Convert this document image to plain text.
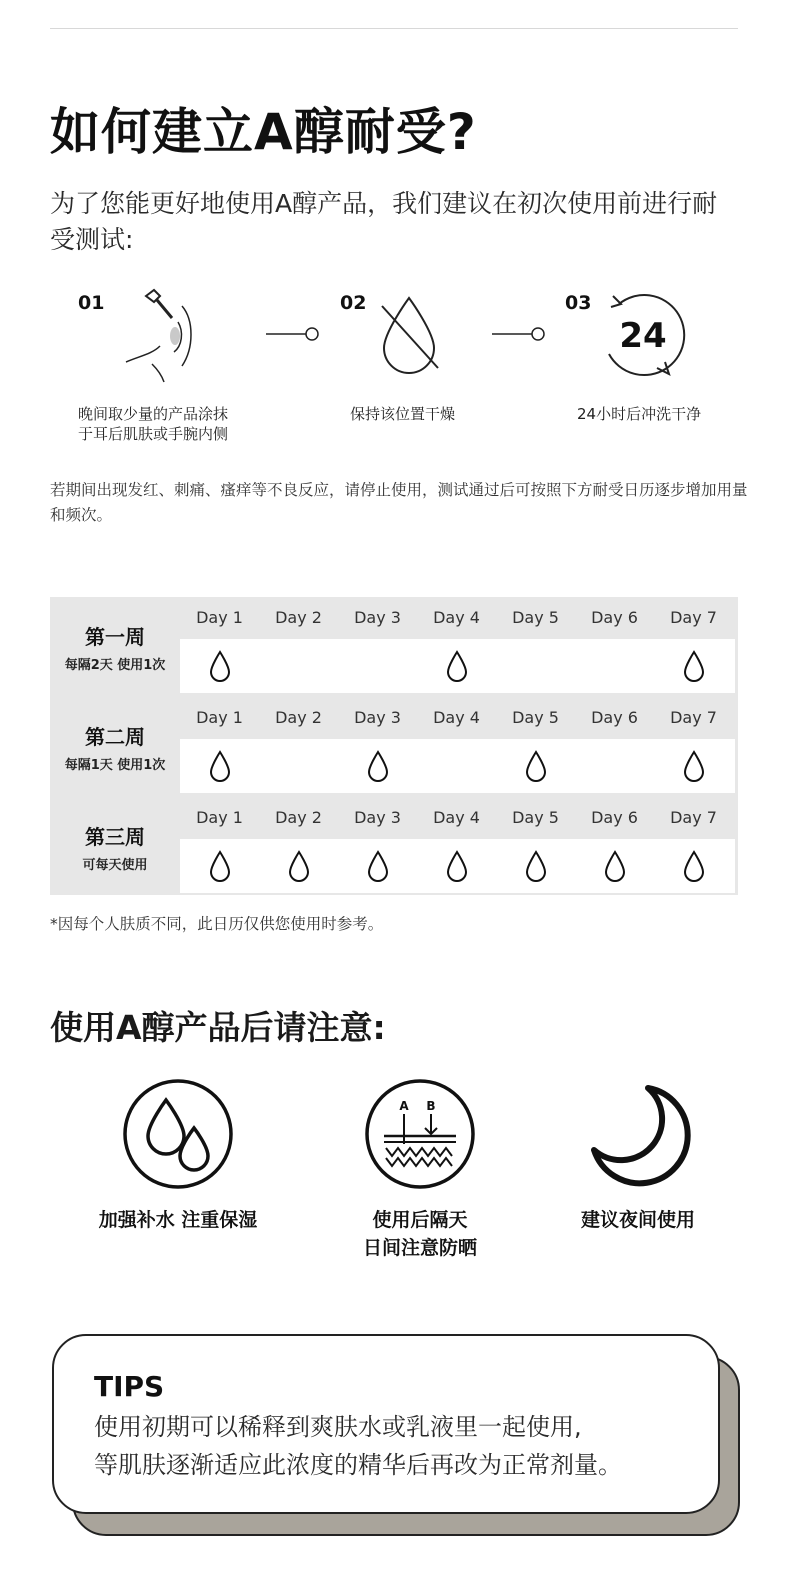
如何建立A醇耐受?

为了您能更好地使用A醇产品，我们建议在初次使用前进行耐受测试:

01
晚间取少量的产品涂抹
于耳后肌肤或手腕内侧
02
保持该位置干燥
03
24
24小时后冲洗干净

若期间出现发红、刺痛、瘙痒等不良反应，请停止使用，测试通过后可按照下方耐受日历逐步增加用量和频次。

第一周
每隔2天 使用1次
Day 1	Day 2	Day 3	Day 4	Day 5	Day 6	Day 7
第二周
每隔1天 使用1次
Day 1	Day 2	Day 3	Day 4	Day 5	Day 6	Day 7
第三周
可每天使用
Day 1	Day 2	Day 3	Day 4	Day 5	Day 6	Day 7

*因每个人肤质不同，此日历仅供您使用时参考。

使用A醇产品后请注意:
加强补水 注重保湿
A B
使用后隔天
日间注意防晒
建议夜间使用
TIPS
使用初期可以稀释到爽肤水或乳液里一起使用,
等肌肤逐渐适应此浓度的精华后再改为正常剂量。
